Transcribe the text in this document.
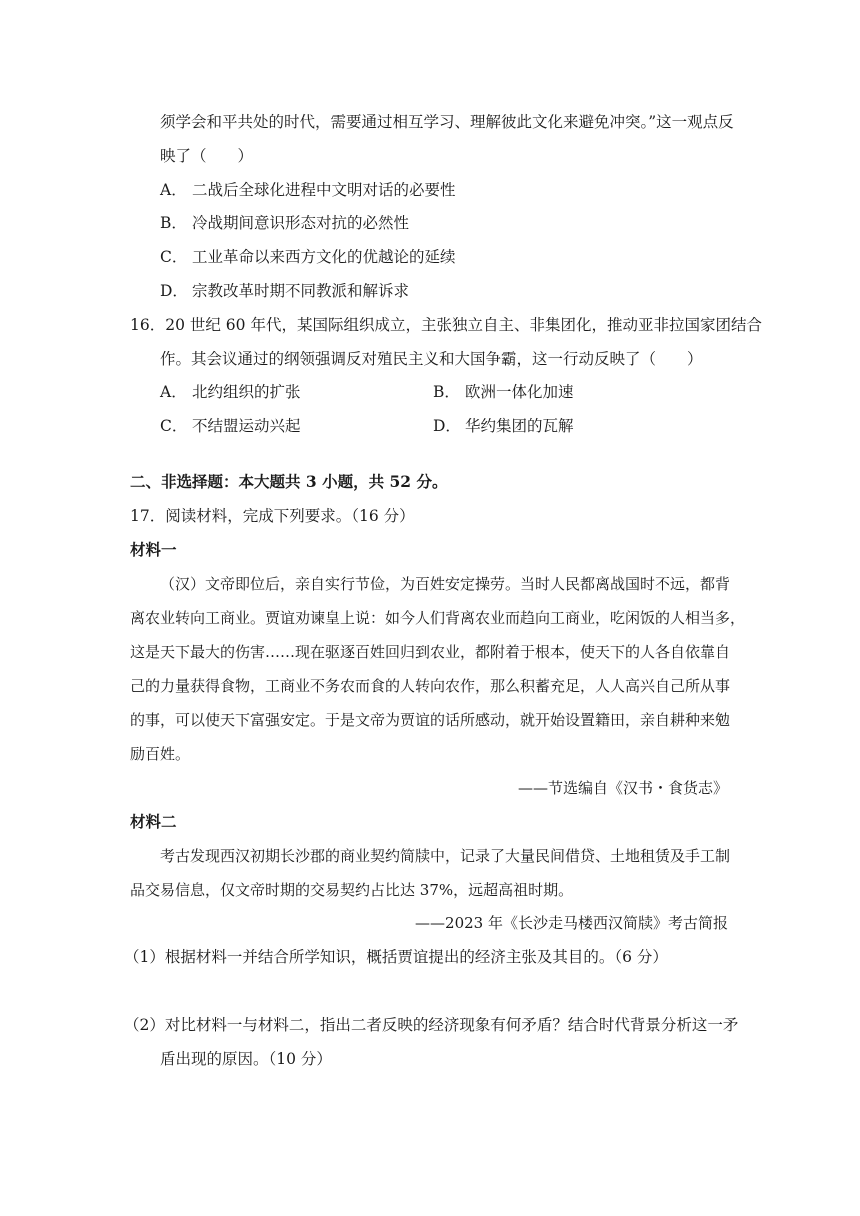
须学会和平共处的时代，需要通过相互学习、理解彼此文化来避免冲突。”这一观点反
映了（　　）
A． 二战后全球化进程中文明对话的必要性
B． 冷战期间意识形态对抗的必然性
C． 工业革命以来西方文化的优越论的延续
D． 宗教改革时期不同教派和解诉求
16．20 世纪 60 年代，某国际组织成立，主张独立自主、非集团化，推动亚非拉国家团结合
作。其会议通过的纲领强调反对殖民主义和大国争霸，这一行动反映了（　　）
A． 北约组织的扩张	B． 欧洲一体化加速
C． 不结盟运动兴起	D． 华约集团的瓦解
二、非选择题：本大题共 3 小题，共 52 分。
17．阅读材料，完成下列要求。（16 分）
材料一
（汉）文帝即位后，亲自实行节俭，为百姓安定操劳。当时人民都离战国时不远，都背
离农业转向工商业。贾谊劝谏皇上说：如今人们背离农业而趋向工商业，吃闲饭的人相当多，
这是天下最大的伤害……现在驱逐百姓回归到农业，都附着于根本，使天下的人各自依靠自
己的力量获得食物，工商业不务农而食的人转向农作，那么积蓄充足，人人高兴自己所从事
的事，可以使天下富强安定。于是文帝为贾谊的话所感动，就开始设置籍田，亲自耕种来勉
励百姓。
——节选编自《汉书・食货志》
材料二
考古发现西汉初期长沙郡的商业契约简牍中，记录了大量民间借贷、土地租赁及手工制
品交易信息，仅文帝时期的交易契约占比达 37%，远超高祖时期。
——2023 年《长沙走马楼西汉简牍》考古简报
（1）根据材料一并结合所学知识，概括贾谊提出的经济主张及其目的。（6 分）
（2）对比材料一与材料二，指出二者反映的经济现象有何矛盾？结合时代背景分析这一矛
盾出现的原因。（10 分）
